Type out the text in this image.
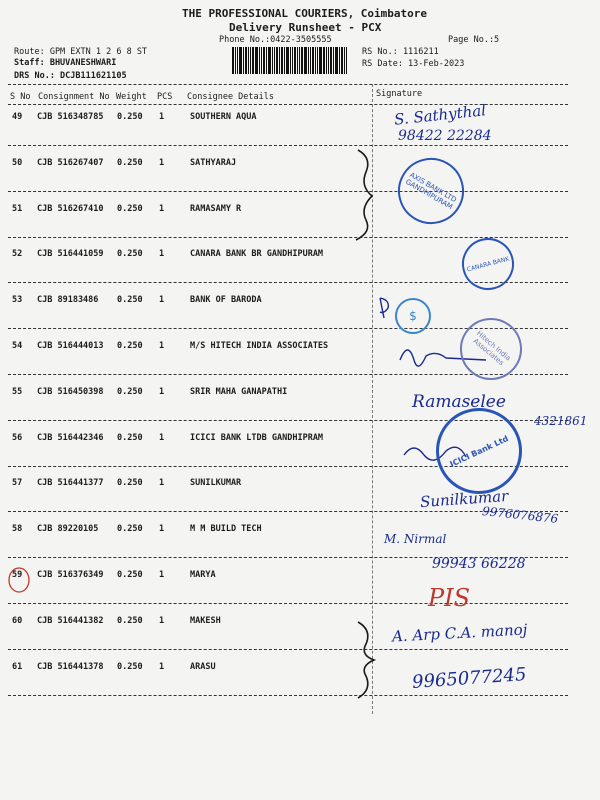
THE PROFESSIONAL COURIERS, Coimbatore
Delivery Runsheet - PCX
Phone No.:0422-3505555	Page No.:5
Route: GPM EXTN 1 2 6 8 ST
Staff: BHUVANESHWARI
DRS No.: DCJB111621105
RS No.: 1116211
RS Date: 13-Feb-2023
S No Consignment No Weight PCS Consignee Details	Signature
49 CJB 516348785 0.250 1	SOUTHERN AQUA
50 CJB 516267407 0.250 1	SATHYARAJ
51 CJB 516267410 0.250 1	RAMASAMY R
52 CJB 516441059 0.250 1	CANARA BANK BR GANDHIPURAM
53 CJB 89183486 0.250 1	BANK OF BARODA
54 CJB 516444013 0.250 1	M/S HITECH INDIA ASSOCIATES
55 CJB 516450398 0.250 1	SRIR MAHA GANAPATHI
56 CJB 516442346 0.250 1	ICICI BANK LTDB GANDHIPRAM
57 CJB 516441377 0.250 1	SUNILKUMAR
58 CJB 89220105 0.250 1	M M BUILD TECH
59 CJB 516376349 0.250 1	MARYA
60 CJB 516441382 0.250 1	MAKESH
61 CJB 516441378 0.250 1	ARASU
AXIS BANK LTD GANDHIPURAM
CANARA BANK
Hitech India Associates
ICICI Bank Ltd
$
S. Sathythal
98422 22284
Ramaselee
4321861
Sunilkumar
9976076876
M. Nirmal
99943 66228
PIS
A. Arp C.A. manoj
9965077245
